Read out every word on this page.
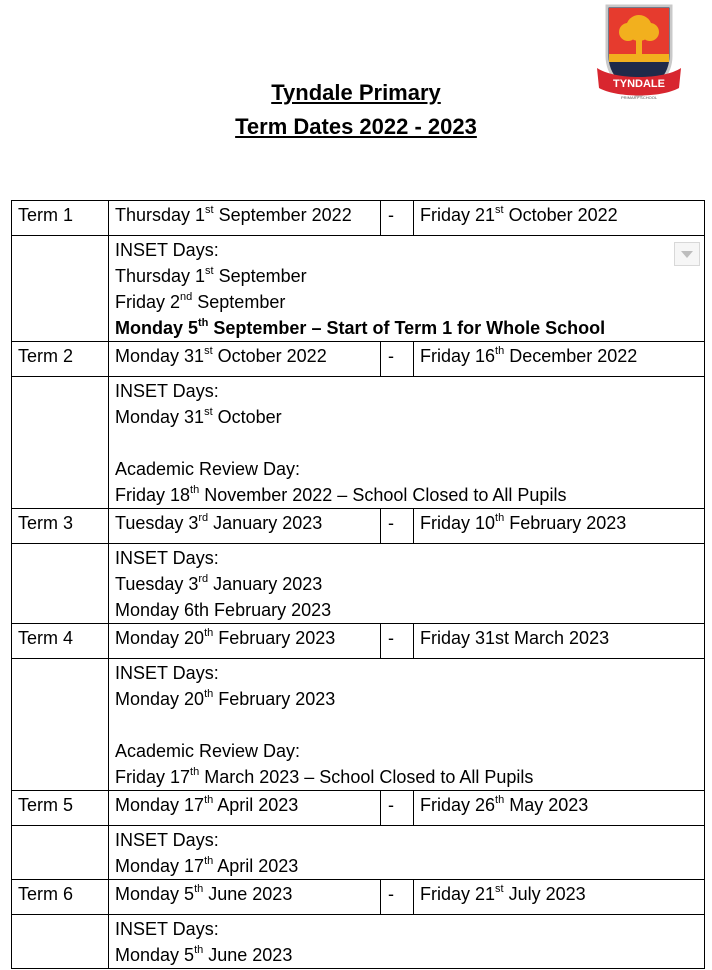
TYNDALE
PRIMARY SCHOOL
Tyndale Primary
Term Dates 2022 - 2023
Term 1	Thursday 1st September 2022	-	Friday 21st October 2022

	INSET Days:
Thursday 1st September
Friday 2nd September
Monday 5th September – Start of Term 1 for Whole School		

Term 2	Monday 31st October 2022	-	Friday 16th December 2022

	INSET Days:
Monday 31st October
Academic Review Day:
Friday 18th November 2022 – School Closed to All Pupils		

Term 3	Tuesday 3rd January 2023	-	Friday 10th February 2023

	INSET Days:
Tuesday 3rd January 2023
Monday 6th February 2023		

Term 4	Monday 20th February 2023	-	Friday 31st March 2023

	INSET Days:
Monday 20th February 2023
Academic Review Day:
Friday 17th March 2023 – School Closed to All Pupils		

Term 5	Monday 17th April 2023	-	Friday 26th May 2023

	INSET Days:
Monday 17th April 2023		

Term 6	Monday 5th June 2023	-	Friday 21st July 2023

	INSET Days:
Monday 5th June 2023		
